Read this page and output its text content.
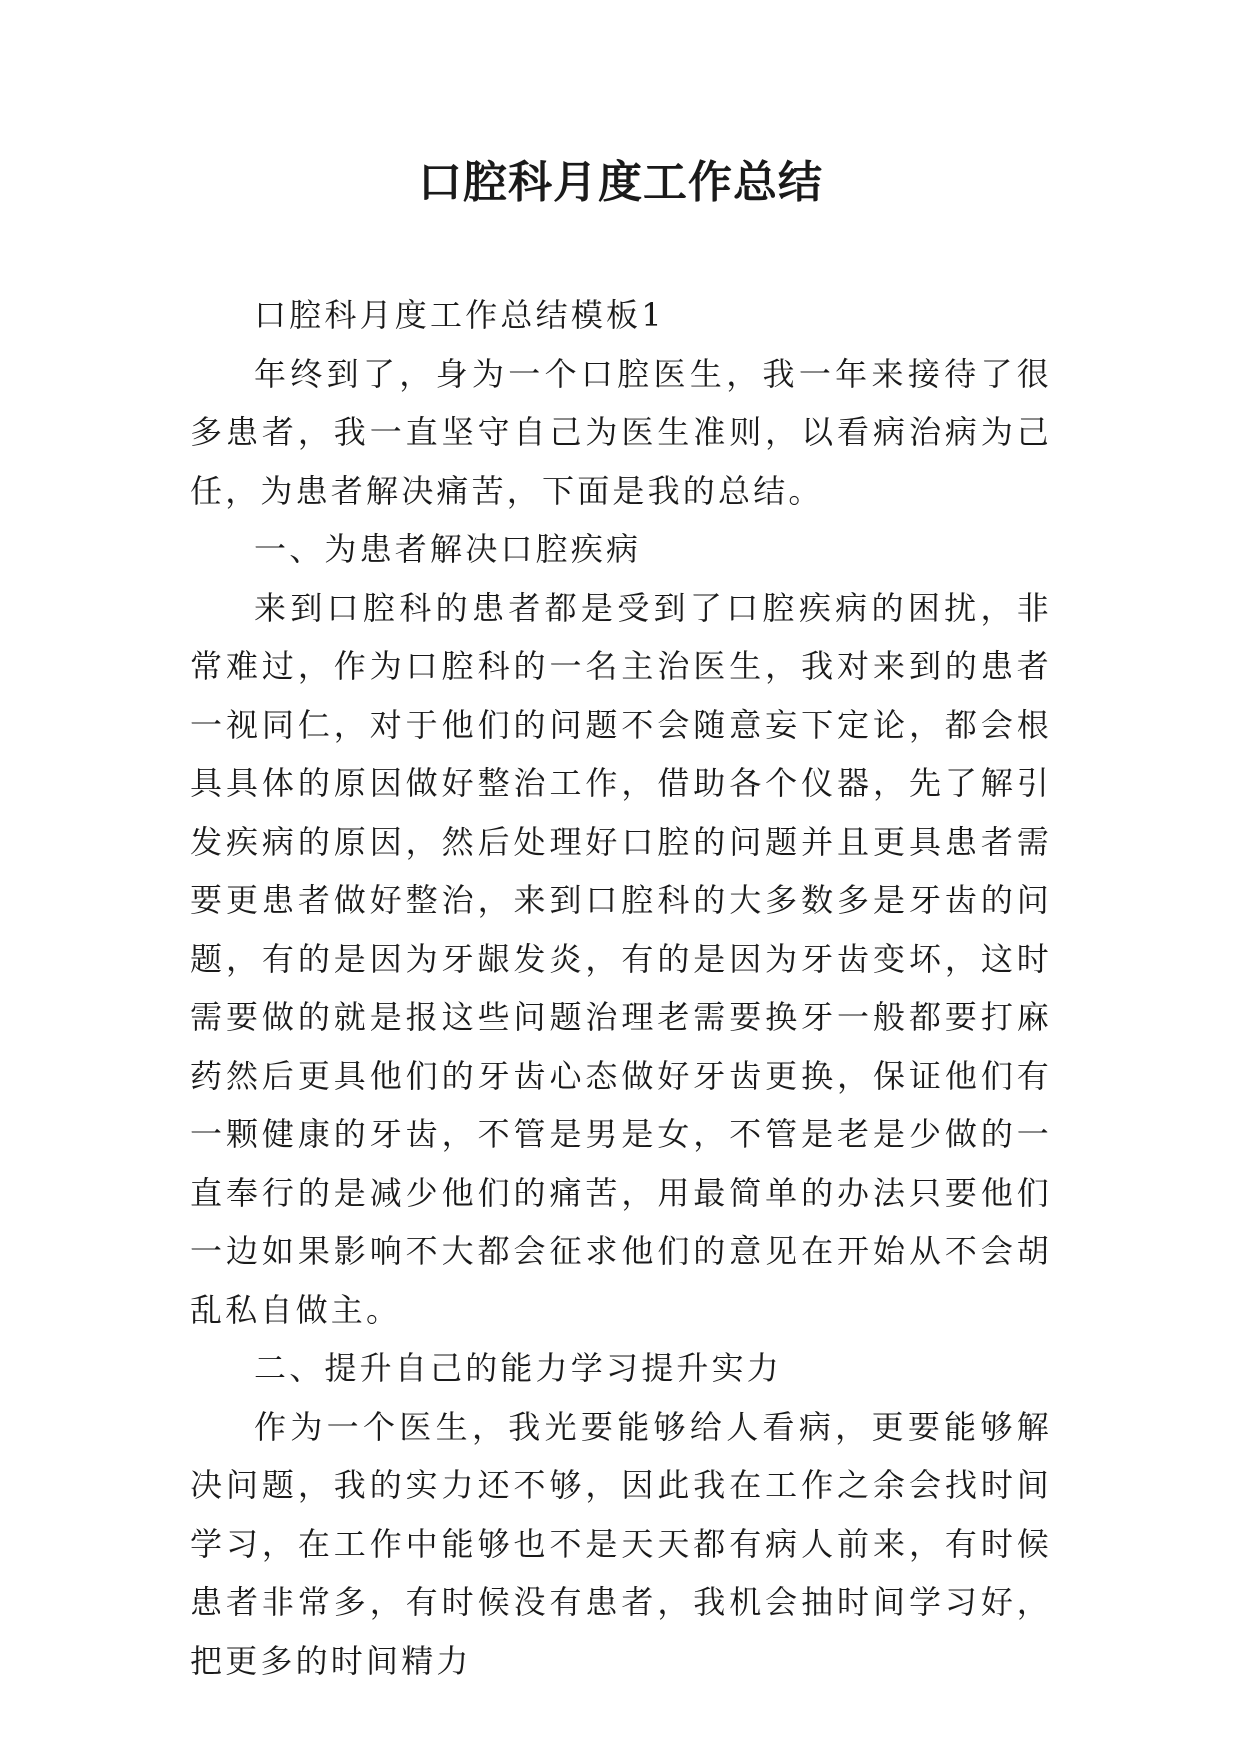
口腔科月度工作总结

口腔科月度工作总结模板1

年终到了，身为一个口腔医生，我一年来接待了很多患者，我一直坚守自己为医生准则，以看病治病为己任，为患者解决痛苦，下面是我的总结。

一、为患者解决口腔疾病

来到口腔科的患者都是受到了口腔疾病的困扰，非常难过，作为口腔科的一名主治医生，我对来到的患者一视同仁，对于他们的问题不会随意妄下定论，都会根具具体的原因做好整治工作，借助各个仪器，先了解引发疾病的原因，然后处理好口腔的问题并且更具患者需要更患者做好整治，来到口腔科的大多数多是牙齿的问题，有的是因为牙龈发炎，有的是因为牙齿变坏，这时需要做的就是报这些问题治理老需要换牙一般都要打麻药然后更具他们的牙齿心态做好牙齿更换，保证他们有一颗健康的牙齿，不管是男是女，不管是老是少做的一直奉行的是减少他们的痛苦，用最简单的办法只要他们一边如果影响不大都会征求他们的意见在开始从不会胡乱私自做主。

二、提升自己的能力学习提升实力

作为一个医生，我光要能够给人看病，更要能够解决问题，我的实力还不够，因此我在工作之余会找时间学习，在工作中能够也不是天天都有病人前来，有时候患者非常多，有时候没有患者，我机会抽时间学习好，把更多的时间精力
